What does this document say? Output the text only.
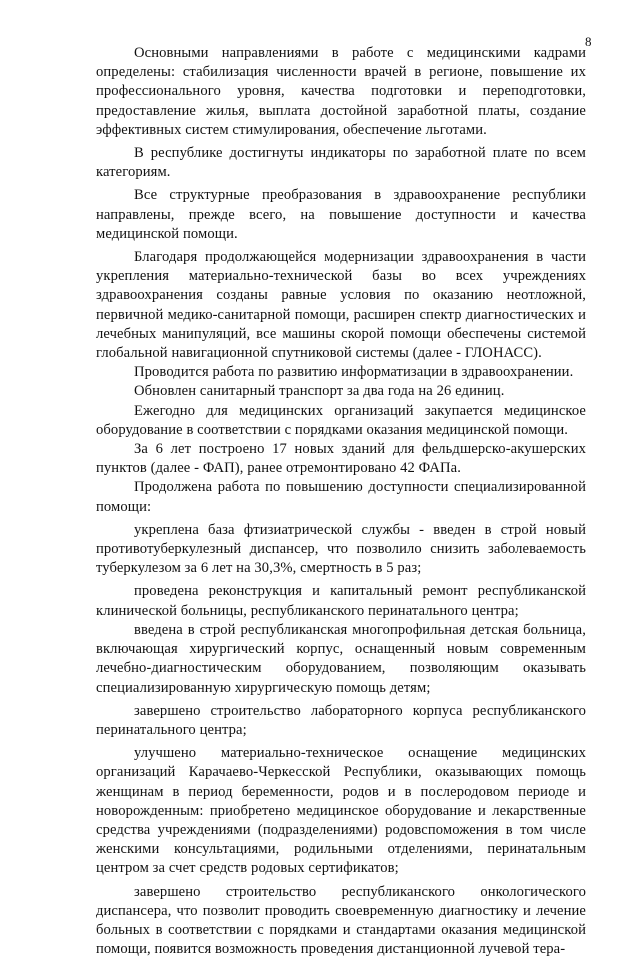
8

Основными направлениями в работе с медицинскими кадрами определены: стабилизация численности врачей в регионе, повышение их профессионального уровня, качества подготовки и переподготовки, предоставление жилья, выплата достойной заработной платы, создание эффективных систем стимулирования, обеспечение льготами.

В республике достигнуты индикаторы по заработной плате по всем категориям.

Все структурные преобразования в здравоохранение республики направлены, прежде всего, на повышение доступности и качества медицинской помощи.

Благодаря продолжающейся модернизации здравоохранения в части укрепления материально-технической базы во всех учреждениях здравоохранения созданы равные условия по оказанию неотложной, первичной медико-санитарной помощи, расширен спектр диагностических и лечебных манипуляций, все машины скорой помощи обеспечены системой глобальной навигационной спутниковой системы (далее - ГЛОНАСС).

Проводится работа по развитию информатизации в здравоохранении.

Обновлен санитарный транспорт за два года на 26 единиц.

Ежегодно для медицинских организаций закупается медицинское оборудование в соответствии с порядками оказания медицинской помощи.

За 6 лет построено 17 новых зданий для фельдшерско-акушерских пунктов (далее - ФАП), ранее отремонтировано 42 ФАПа.

Продолжена работа по повышению доступности специализированной помощи:

укреплена база фтизиатрической службы - введен в строй новый противотуберкулезный диспансер, что позволило снизить заболеваемость туберкулезом за 6 лет на 30,3%, смертность в 5 раз;

проведена реконструкция и капитальный ремонт республиканской клинической больницы, республиканского перинатального центра;

введена в строй республиканская многопрофильная детская больница, включающая хирургический корпус, оснащенный новым современным лечебно-диагностическим оборудованием, позволяющим оказывать специализированную хирургическую помощь детям;

завершено строительство лабораторного корпуса республиканского перинатального центра;

улучшено материально-техническое оснащение медицинских организаций Карачаево-Черкесской Республики, оказывающих помощь женщинам в период беременности, родов и в послеродовом периоде и новорожденным: приобретено медицинское оборудование и лекарственные средства учреждениями (подразделениями) родовспоможения в том числе женскими консультациями, родильными отделениями, перинатальным центром за счет средств родовых сертификатов;

завершено строительство республиканского онкологического диспансера, что позволит проводить своевременную диагностику и лечение больных в соответствии с порядками и стандартами оказания медицинской помощи, появится возможность проведения дистанционной лучевой тера-
